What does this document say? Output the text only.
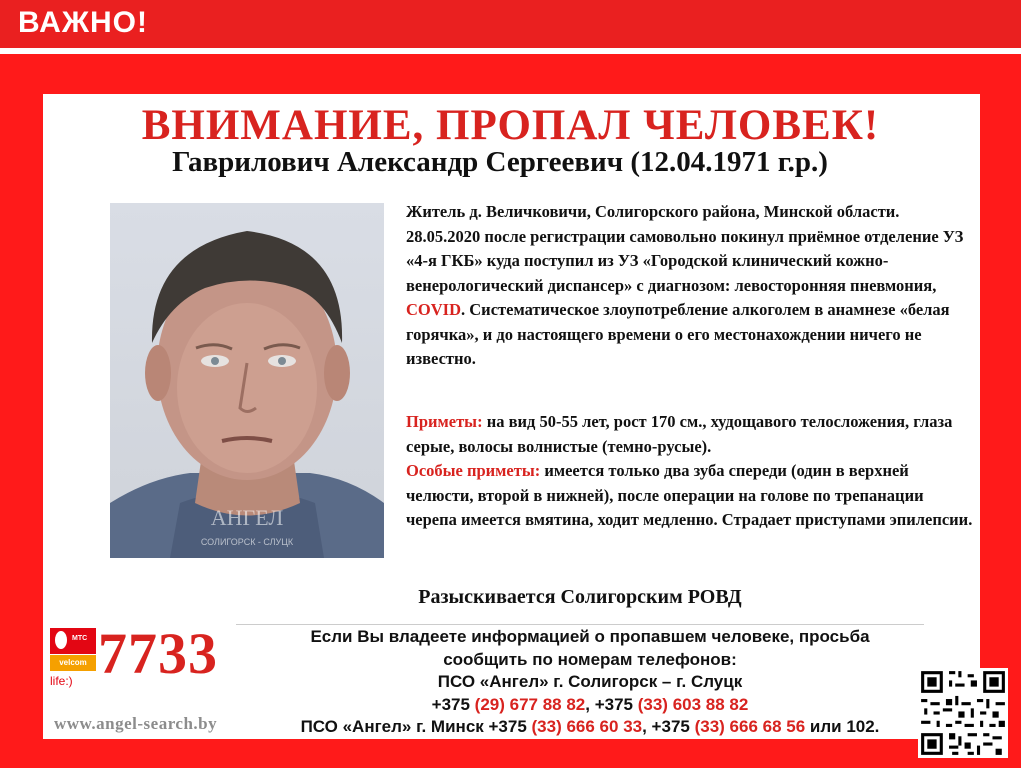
ВАЖНО!
ВНИМАНИЕ, ПРОПАЛ ЧЕЛОВЕК!
Гаврилович Александр Сергеевич (12.04.1971 г.р.)
АНГЕЛ
СОЛИГОРСК - СЛУЦК
Житель д. Величковичи, Солигорского района, Минской области. 28.05.2020 после регистрации самовольно покинул приёмное отделение УЗ «4-я ГКБ» куда поступил из УЗ «Городской клинический кожно-венерологический диспансер» с диагнозом: левосторонняя пневмония, COVID. Систематическое злоупотребление алкоголем в анамнезе «белая горячка», и до настоящего времени о его местонахождении ничего не известно.
Приметы: на вид 50-55 лет, рост 170 см., худощавого телосложения, глаза серые, волосы волнистые (темно-русые).
Особые приметы: имеется только два зуба спереди (один в верхней челюсти, второй в нижней), после операции на голове по трепанации черепа имеется вмятина, ходит медленно. Страдает приступами эпилепсии.
Разыскивается Солигорским РОВД
Если Вы владеете информацией о пропавшем человеке, просьба
сообщить по номерам телефонов:
ПСО «Ангел» г. Солигорск – г. Слуцк
+375 (29) 677 88 82, +375 (33) 603 88 82
ПСО «Ангел» г. Минск +375 (33) 666 60 33, +375 (33) 666 68 56 или 102.
МТС
velcom
life:) 7733
www.angel-search.by
